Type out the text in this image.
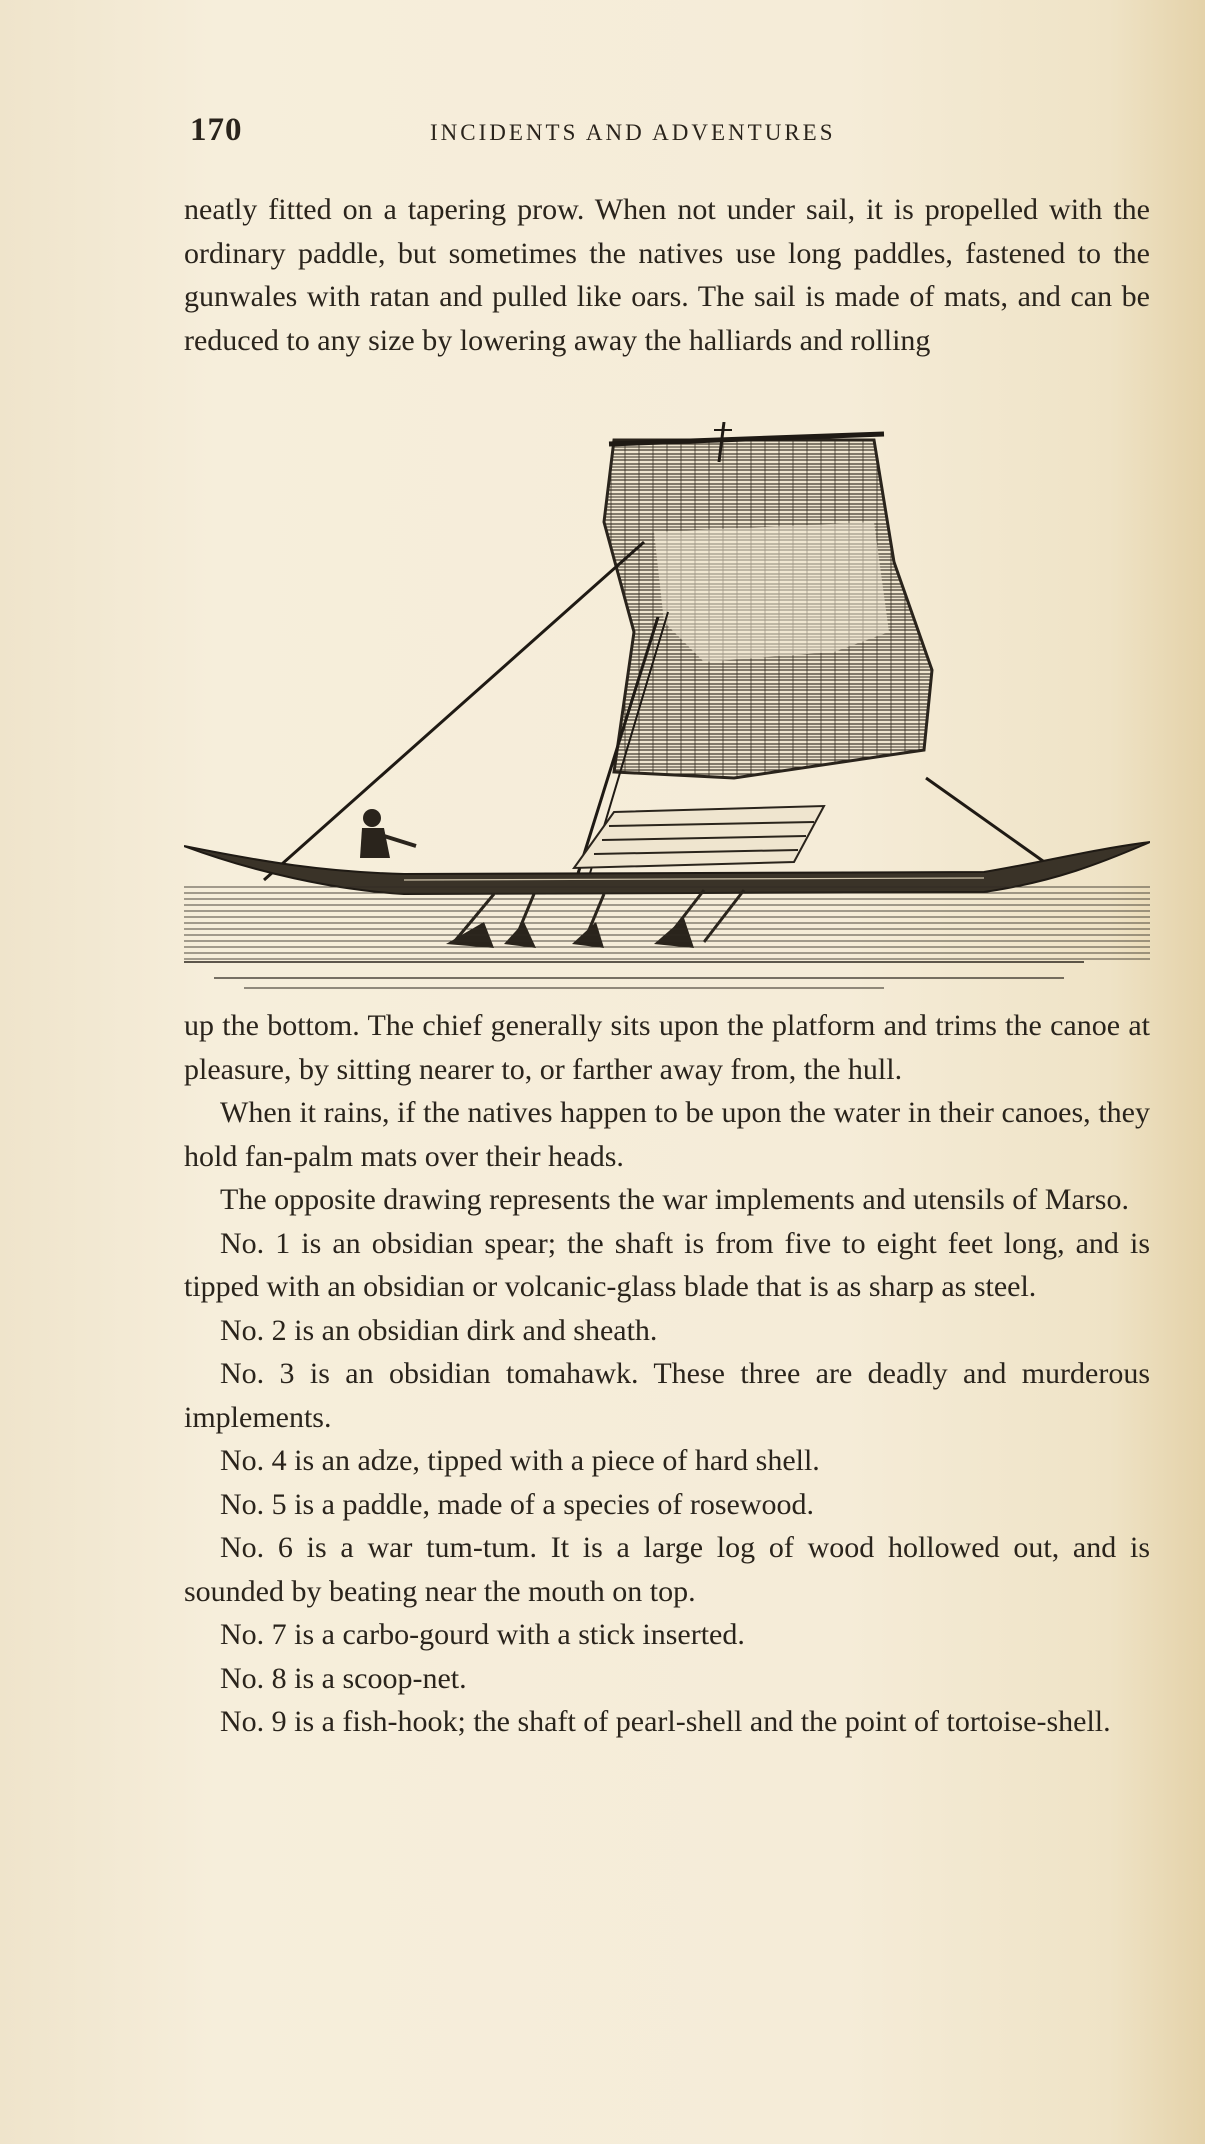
170	INCIDENTS AND ADVENTURES

neatly fitted on a tapering prow. When not under sail, it is propelled with the ordinary paddle, but sometimes the natives use long paddles, fastened to the gunwales with ratan and pulled like oars. The sail is made of mats, and can be reduced to any size by lowering away the halliards and rolling

up the bottom. The chief generally sits upon the platform and trims the canoe at pleasure, by sitting nearer to, or farther away from, the hull.

When it rains, if the natives happen to be upon the water in their canoes, they hold fan-palm mats over their heads.

The opposite drawing represents the war implements and utensils of Marso.

No. 1 is an obsidian spear; the shaft is from five to eight feet long, and is tipped with an obsidian or volcanic-glass blade that is as sharp as steel.

No. 2 is an obsidian dirk and sheath.

No. 3 is an obsidian tomahawk. These three are deadly and murderous implements.

No. 4 is an adze, tipped with a piece of hard shell.

No. 5 is a paddle, made of a species of rosewood.

No. 6 is a war tum-tum. It is a large log of wood hollowed out, and is sounded by beating near the mouth on top.

No. 7 is a carbo-gourd with a stick inserted.

No. 8 is a scoop-net.

No. 9 is a fish-hook; the shaft of pearl-shell and the point of tortoise-shell.
